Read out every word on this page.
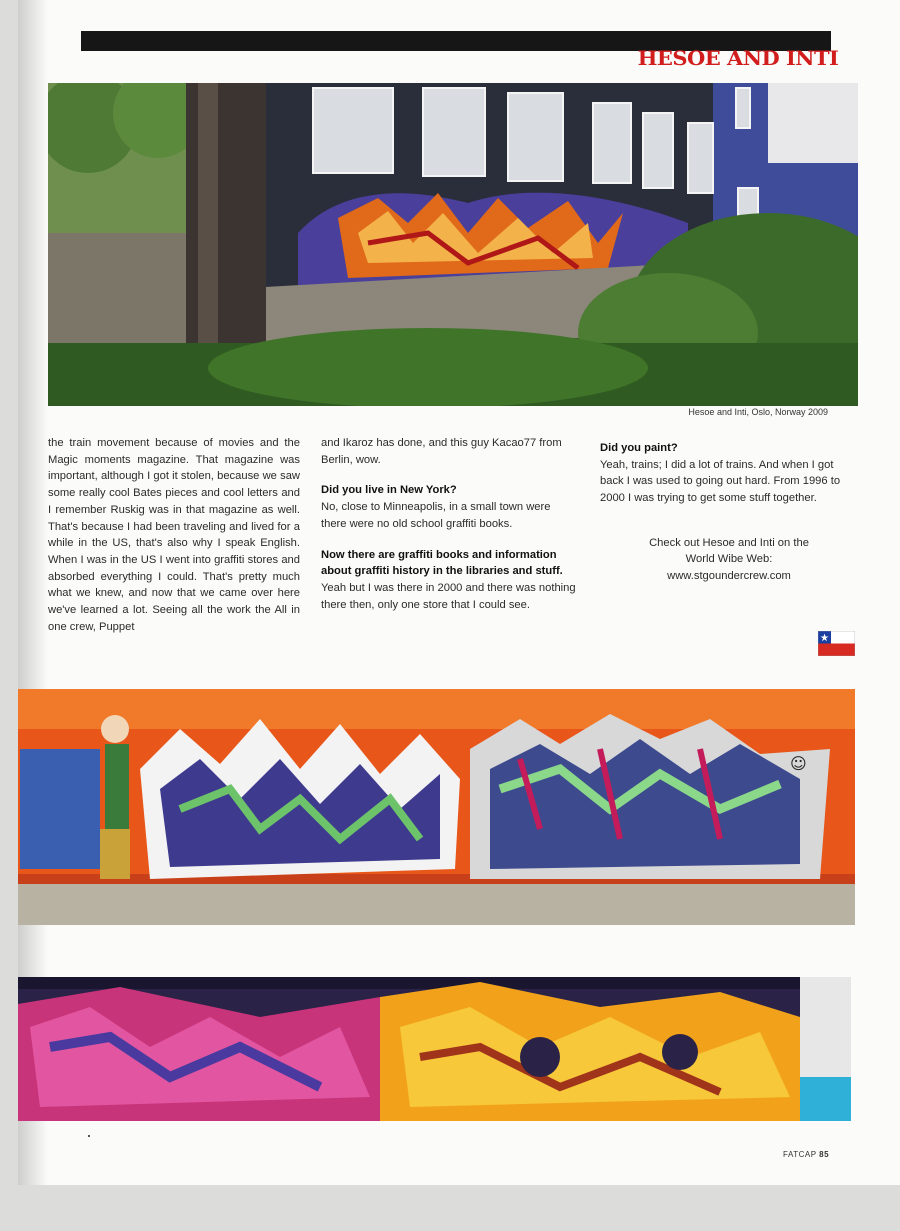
HESOE AND INTI
Hesoe and Inti, Oslo, Norway 2009

the train movement because of movies and the Magic moments magazine. That magazine was important, although I got it stolen, because we saw some really cool Bates pieces and cool letters and I remember Ruskig was in that magazine as well. That's because I had been traveling and lived for a while in the US, that's also why I speak English. When I was in the US I went into graffiti stores and absorbed everything I could. That's pretty much what we knew, and now that we came over here we've learned a lot. Seeing all the work the All in one crew, Puppet

and Ikaroz has done, and this guy Kacao77 from Berlin, wow.

Did you live in New York?

No, close to Minneapolis, in a small town were there were no old school graffiti books.

Now there are graffiti books and information about graffiti history in the libraries and stuff.

Yeah but I was there in 2000 and there was nothing there then, only one store that I could see.

Did you paint?

Yeah, trains; I did a lot of trains. And when I got back I was used to going out hard. From 1996 to 2000 I was trying to get some stuff together.

Check out Hesoe and Inti on the
World Wibe Web:
www.stgoundercrew.com
☺
FATCAP 85
